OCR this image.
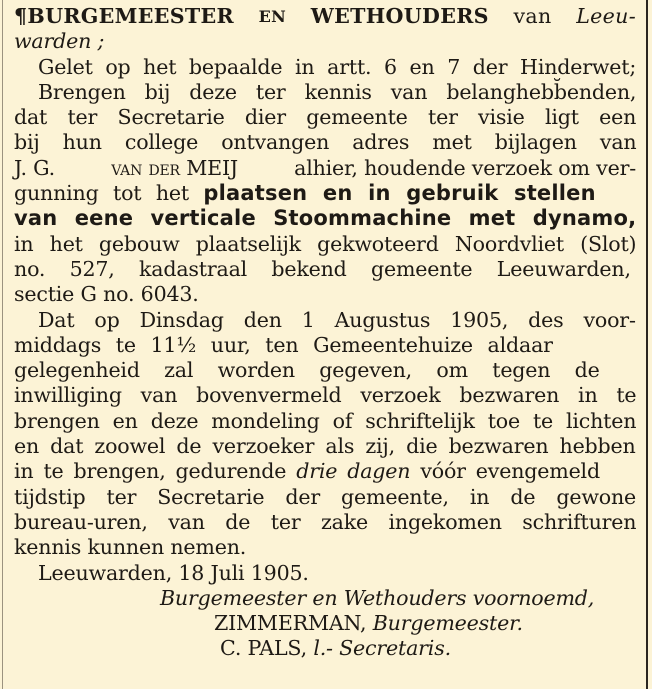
¶BURGEMEESTER EN WETHOUDERS van Leeu-
warden ;
Gelet op het bepaalde in artt. 6 en 7 der Hinderwet;
Brengen bij deze ter kennis van belanghebb̆enden,
dat ter Secretarie dier gemeente ter visie ligt een
bij hun college ontvangen adres met bijlagen van
J. G.	van der MEIJ	alhier, houdende verzoek om ver-
gunning tot het plaatsen en in gebruik stellen
van eene verticale Stoommachine met dynamo,
in het gebouw plaatselijk gekwoteerd Noordvliet (Slot)
no. 527, kadastraal bekend gemeente Leeuwarden,
sectie G no. 6043.
Dat op Dinsdag den 1 Augustus 1905, des voor-
middags te 11½ uur, ten Gemeentehuize aldaar
gelegenheid zal worden gegeven, om tegen de
inwilliging van bovenvermeld verzoek bezwaren in te
brengen en deze mondeling of schriftelijk toe te lichten
en dat zoowel de verzoeker als zij, die bezwaren hebben
in te brengen, gedurende drie dagen vóór evengemeld
tijdstip ter Secretarie der gemeente, in de gewone
bureau-uren, van de ter zake ingekomen schrifturen
kennis kunnen nemen.
Leeuwarden, 18 Juli 1905.
Burgemeester en Wethouders voornoemd,
ZIMMERMAN, Burgemeester.
C. PALS, l.- Secretaris.
